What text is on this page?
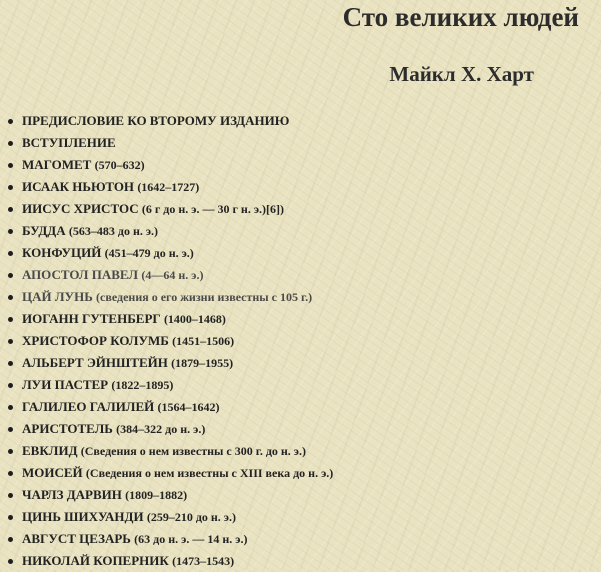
Сто великих людей
Майкл Х. Харт
ПРЕДИСЛОВИЕ КО ВТОРОМУ ИЗДАНИЮ
ВСТУПЛЕНИЕ
МАГОМЕТ (570–632)
ИСААК НЬЮТОН (1642–1727)
ИИСУС ХРИСТОС (6 г до н. э. — 30 г н. э.)[6])
БУДДА (563–483 до н. э.)
КОНФУЦИЙ (451–479 до н. э.)
АПОСТОЛ ПАВЕЛ (4—64 н. э.)
ЦАЙ ЛУНЬ (сведения о его жизни известны с 105 г.)
ИОГАНН ГУТЕНБЕРГ (1400–1468)
ХРИСТОФОР КОЛУМБ (1451–1506)
АЛЬБЕРТ ЭЙНШТЕЙН (1879–1955)
ЛУИ ПАСТЕР (1822–1895)
ГАЛИЛЕО ГАЛИЛЕЙ (1564–1642)
АРИСТОТЕЛЬ (384–322 до н. э.)
ЕВКЛИД (Сведения о нем известны с 300 г. до н. э.)
МОИСЕЙ (Сведения о нем известны с XIII века до н. э.)
ЧАРЛЗ ДАРВИН (1809–1882)
ЦИНЬ ШИХУАНДИ (259–210 до н. э.)
АВГУСТ ЦЕЗАРЬ (63 до н. э. — 14 н. э.)
НИКОЛАЙ КОПЕРНИК (1473–1543)
